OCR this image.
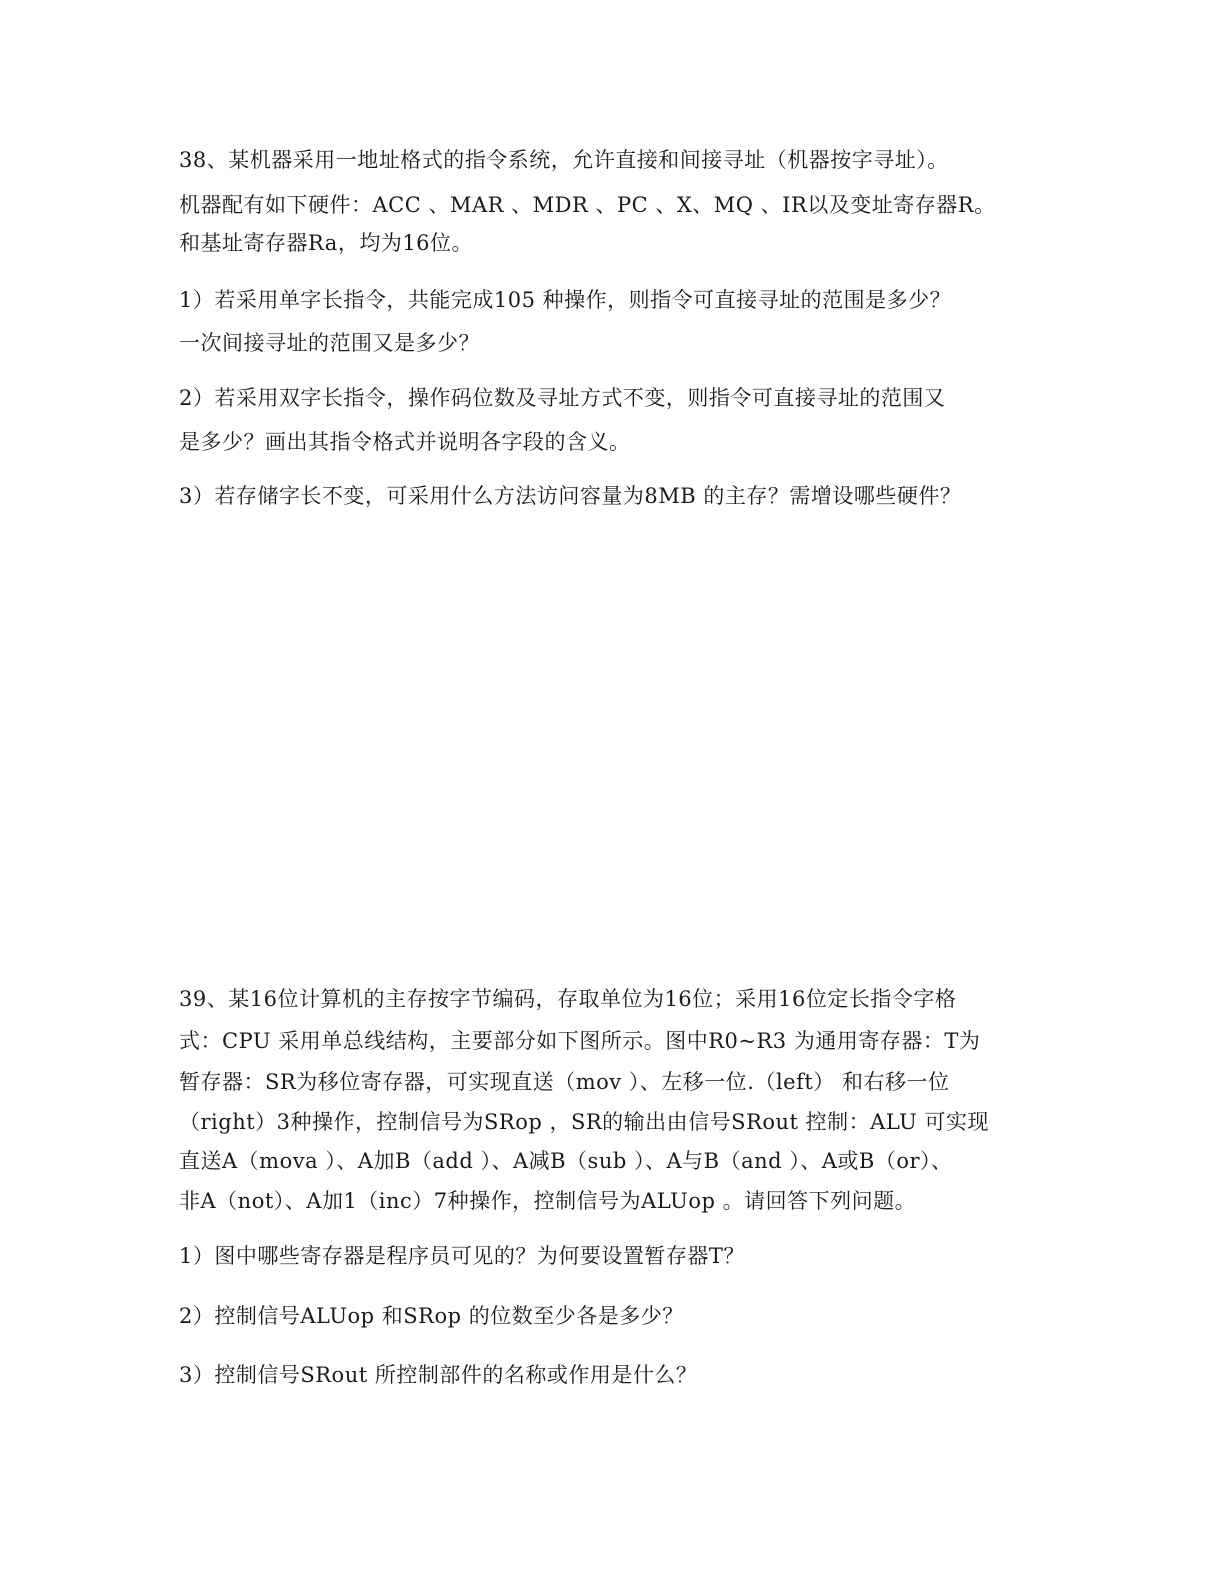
38、某机器采用一地址格式的指令系统，允许直接和间接寻址（机器按字寻址）。
机器配有如下硬件：ACC 、MAR 、MDR 、PC 、X、MQ 、IR以及变址寄存器R。
和基址寄存器Ra，均为16位。
1）若采用单字长指令，共能完成105 种操作，则指令可直接寻址的范围是多少？
一次间接寻址的范围又是多少？
2）若采用双字长指令，操作码位数及寻址方式不变，则指令可直接寻址的范围又
是多少？画出其指令格式并说明各字段的含义。
3）若存储字长不变，可采用什么方法访问容量为8MB 的主存？需增设哪些硬件？
39、某16位计算机的主存按字节编码，存取单位为16位；采用16位定长指令字格
式：CPU 采用单总线结构，主要部分如下图所示。图中R0~R3 为通用寄存器：T为
暂存器：SR为移位寄存器，可实现直送（mov ）、左移一位.（left） 和右移一位
（right）3种操作，控制信号为SRop ，SR的输出由信号SRout 控制：ALU 可实现
直送A（mova ）、A加B（add ）、A减B（sub ）、A与B（and ）、A或B（or）、
非A（not）、A加1（inc）7种操作，控制信号为ALUop 。请回答下列问题。
1）图中哪些寄存器是程序员可见的？为何要设置暂存器T？
2）控制信号ALUop 和SRop 的位数至少各是多少？
3）控制信号SRout 所控制部件的名称或作用是什么？
